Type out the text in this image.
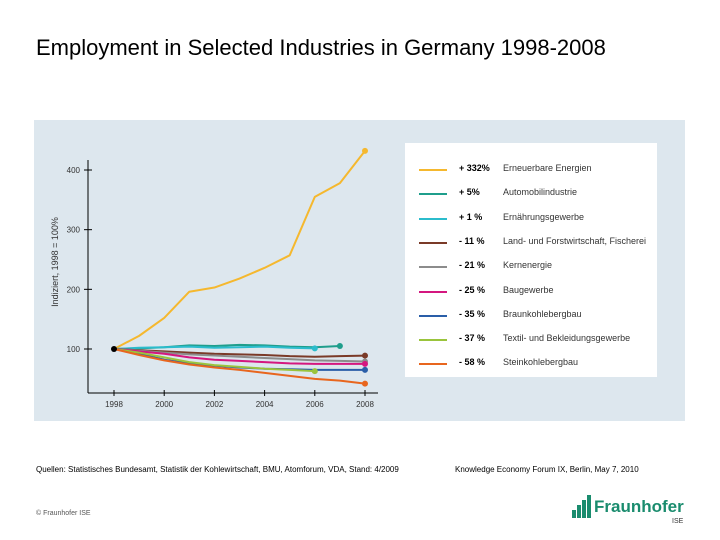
Employment in Selected Industries in Germany 1998-2008
100
200
300
400
1998	2000	2002	2004	2006	2008
Indiziert, 1998 = 100%
+ 332% Erneuerbare Energien
+ 5%	Automobilindustrie
+ 1 % Ernährungsgewerbe
- 11 % Land- und Forstwirtschaft, Fischerei
- 21 % Kernenergie
- 25 % Baugewerbe
- 35 % Braunkohlebergbau
- 37 % Textil- und Bekleidungsgewerbe
- 58 % Steinkohlebergbau
Quellen: Statistisches Bundesamt, Statistik der Kohlewirtschaft, BMU, Atomforum, VDA, Stand: 4/2009	Knowledge Economy Forum IX, Berlin, May 7, 2010
© Fraunhofer ISE	Fraunhofer
ISE
